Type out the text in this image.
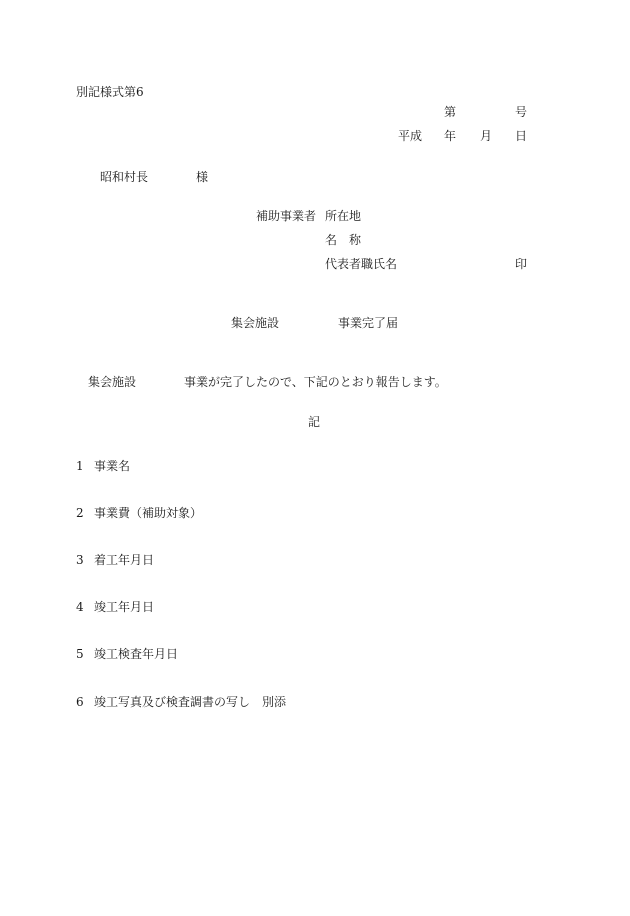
別記様式第6
第	号
平成 年 月 日
昭和村長	様
補助事業者 所在地
名　称
代表者職氏名	印
集会施設	事業完了届
集会施設	事業が完了したので、下記のとおり報告します。
記
1 事業名
2 事業費（補助対象）
3 着工年月日
4 竣工年月日
5 竣工検査年月日
6 竣工写真及び検査調書の写し　別添
